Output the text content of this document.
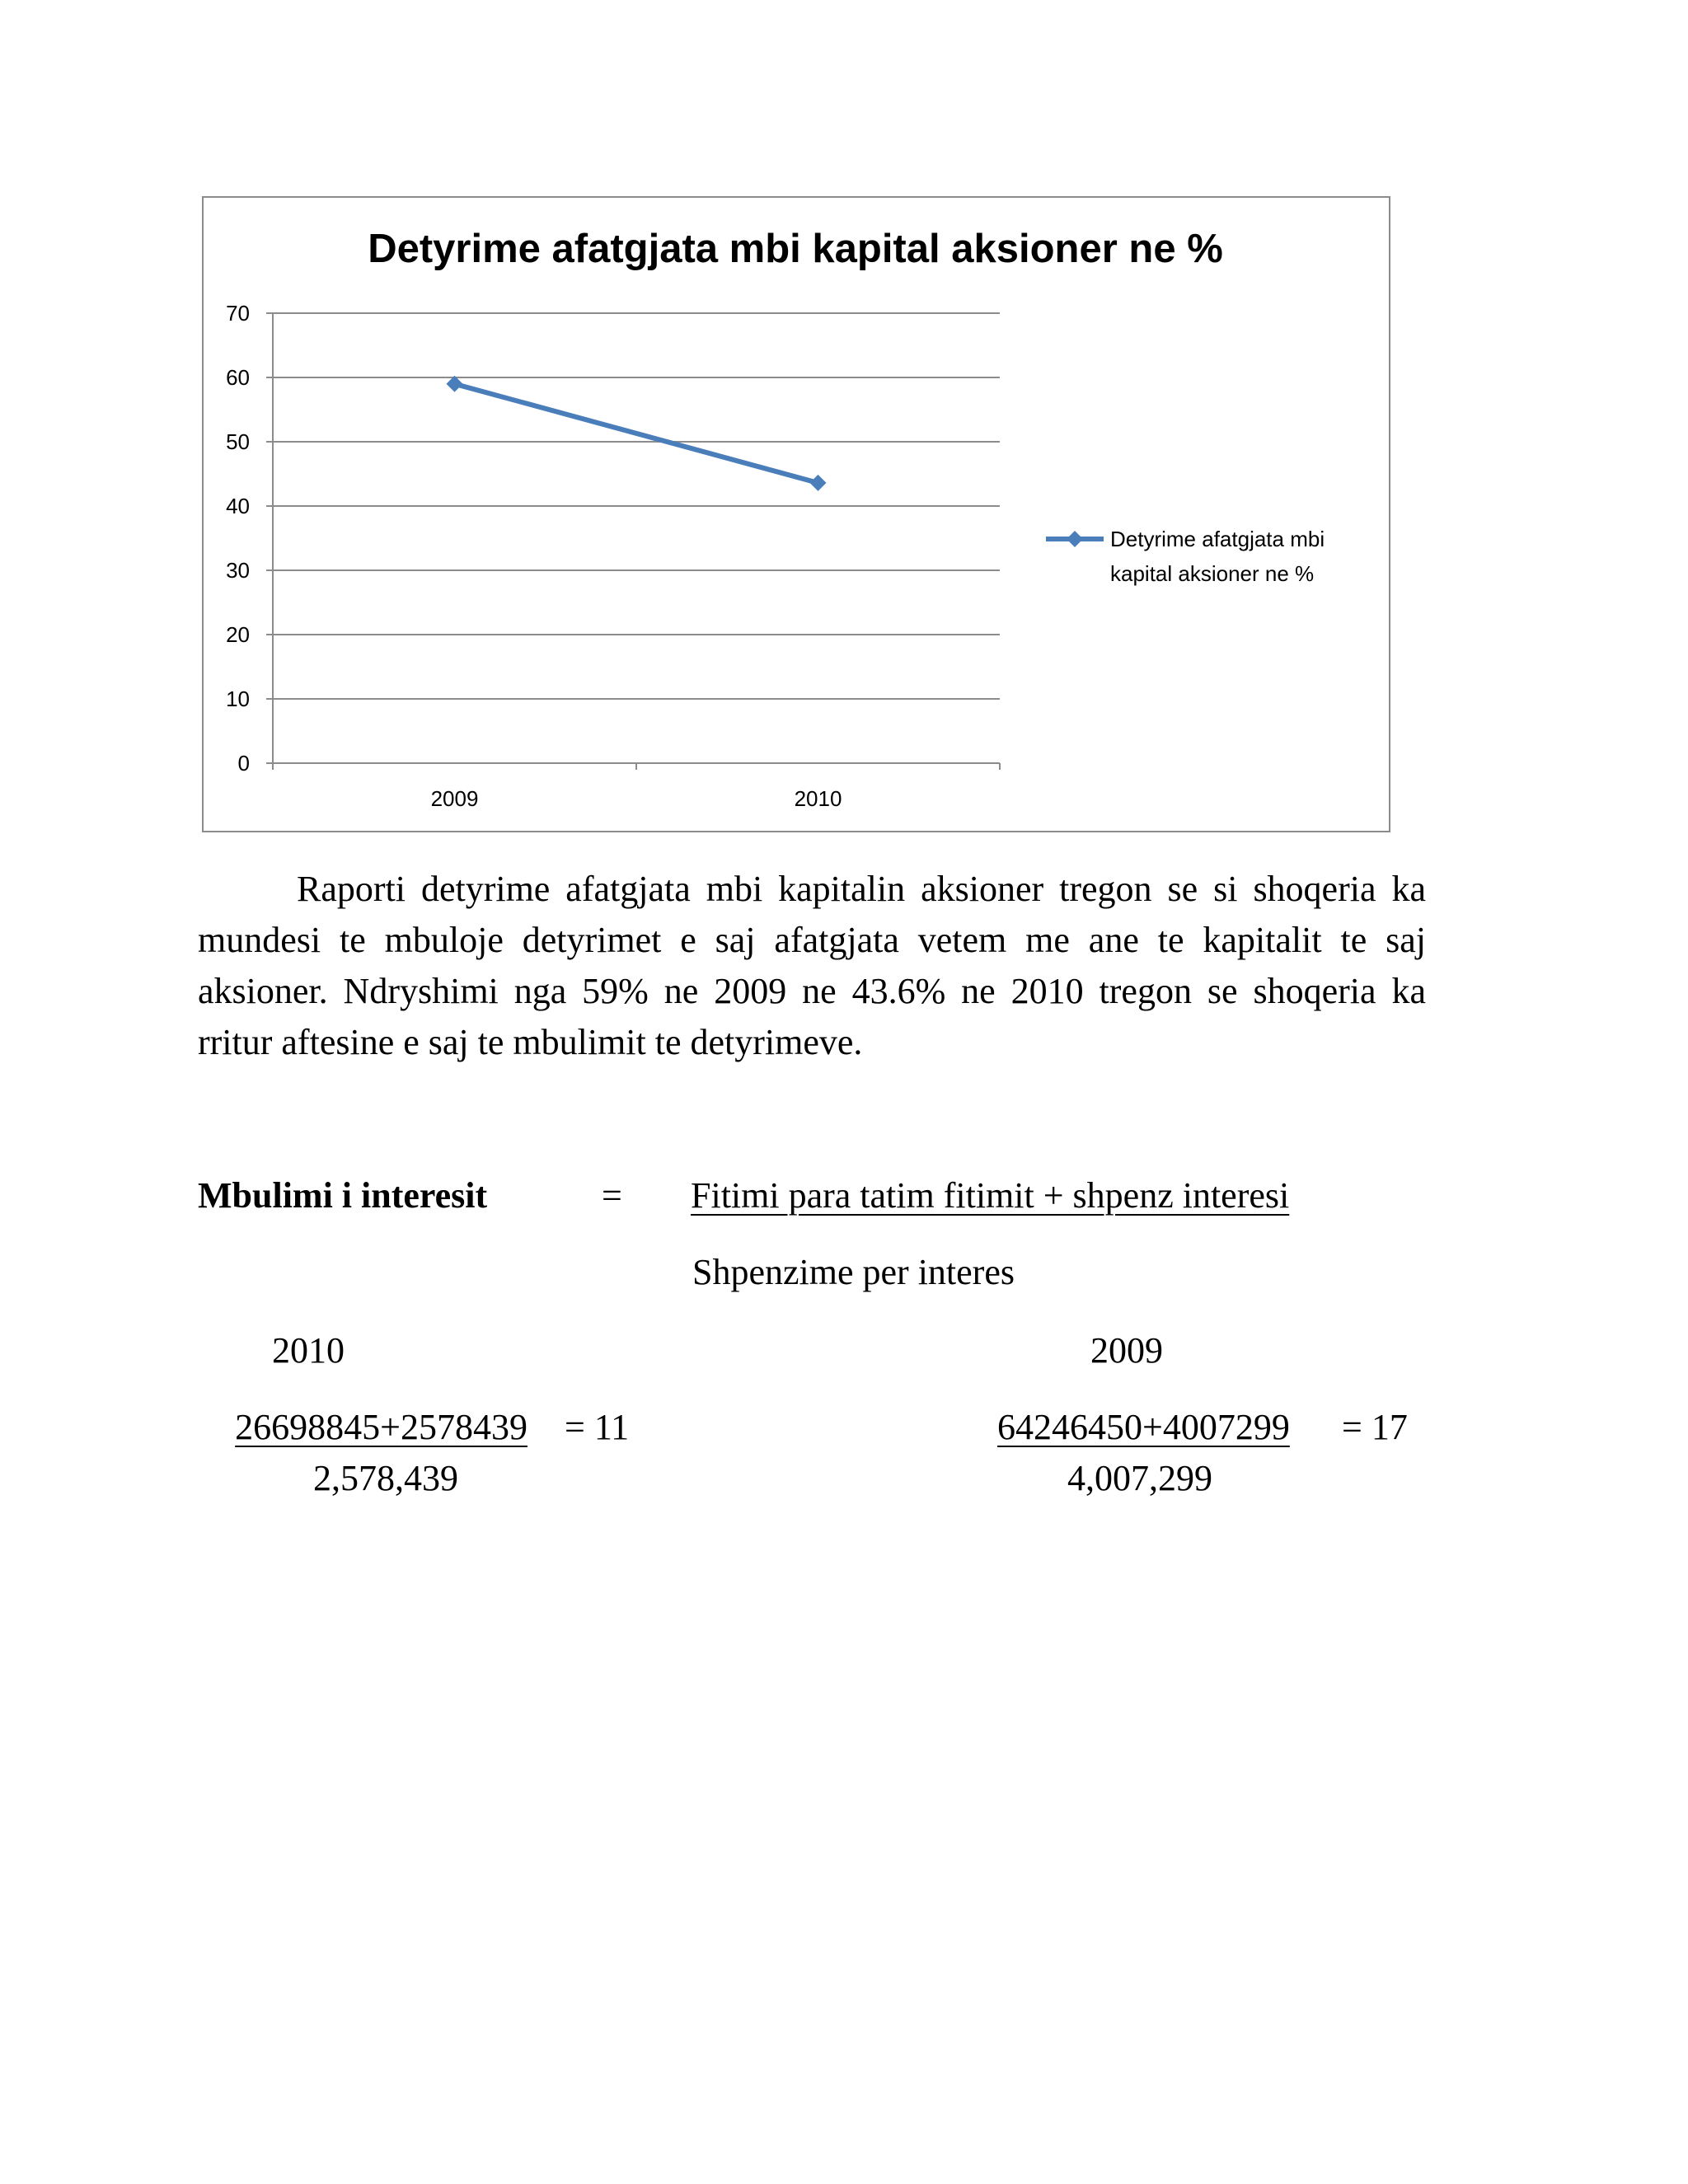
Detyrime afatgjata mbi kapital aksioner ne %
0
10
20
30
40
50
60
70
2009	2010
Detyrime afatgjata mbi
kapital aksioner ne %
Raporti detyrime afatgjata mbi kapitalin aksioner tregon se si shoqeria ka
mundesi te mbuloje detyrimet e saj afatgjata vetem me ane te kapitalit te saj
aksioner. Ndryshimi nga 59% ne 2009 ne 43.6% ne 2010 tregon se shoqeria ka
rritur aftesine e saj te mbulimit te detyrimeve.
Mbulimi i interesit	= Fitimi para tatim fitimit + shpenz interesi
Shpenzime per interes
2010	2009
26698845+2578439 = 11
2,578,439
64246450+4007299 = 17
4,007,299
